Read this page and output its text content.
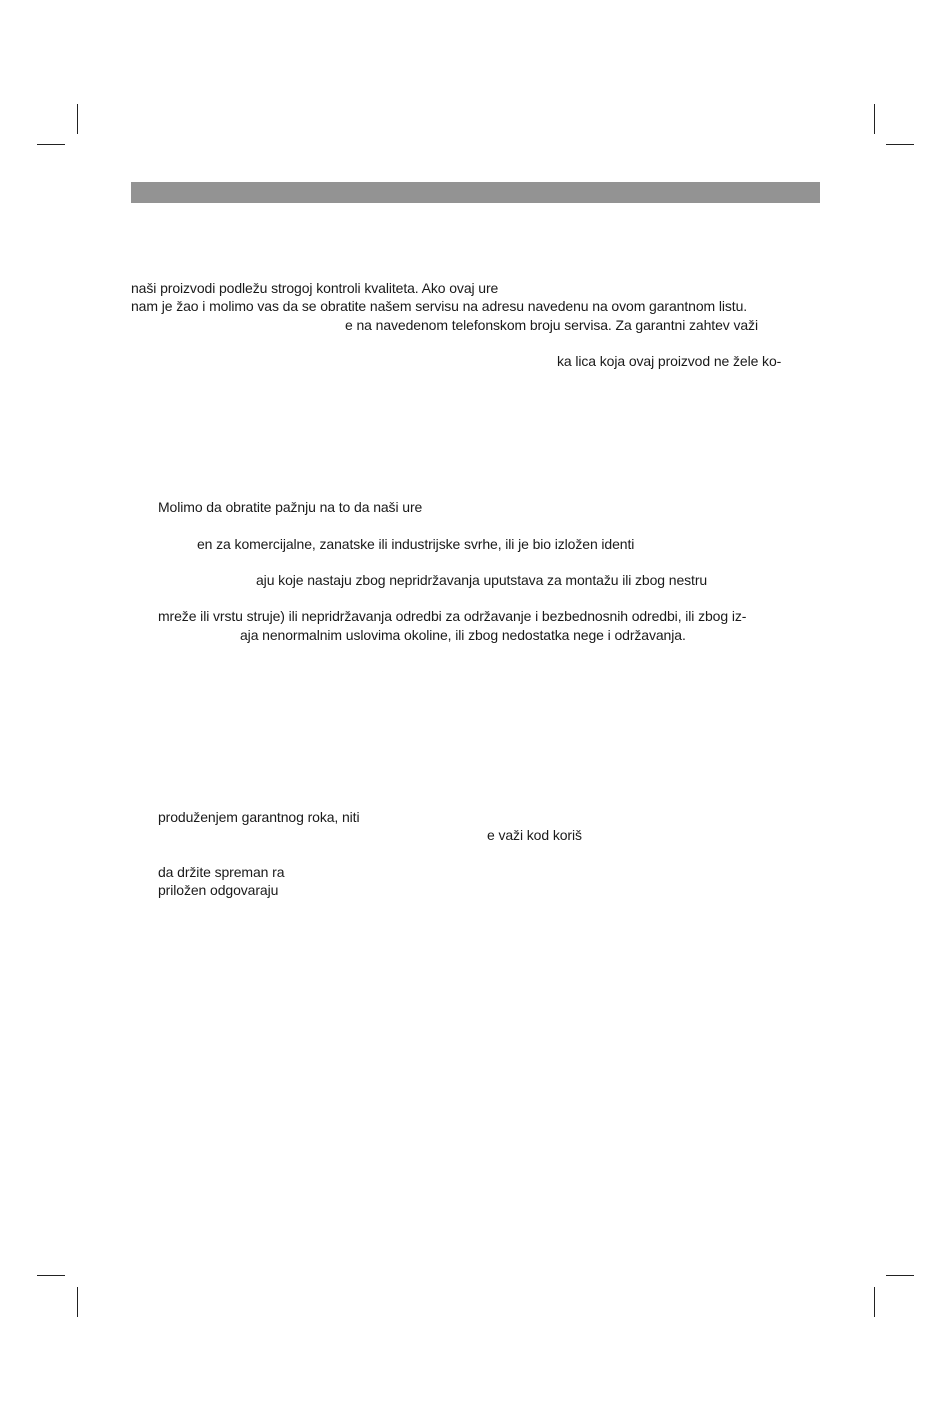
naši proizvodi podležu strogoj kontroli kvaliteta. Ako ovaj ure
nam je žao i molimo vas da se obratite našem servisu na adresu navedenu na ovom garantnom listu.
e na navedenom telefonskom broju servisa. Za garantni zahtev važi
ka lica koja ovaj proizvod ne žele ko-
Molimo da obratite pažnju na to da naši ure
en za komercijalne, zanatske ili industrijske svrhe, ili je bio izložen identi
aju koje nastaju zbog nepridržavanja uputstava za montažu ili zbog nestru
mreže ili vrstu struje) ili nepridržavanja odredbi za održavanje i bezbednosnih odredbi, ili zbog iz-
aja nenormalnim uslovima okoline, ili zbog nedostatka nege i održavanja.
produženjem garantnog roka, niti
e važi kod koriš
da držite spreman ra
priložen odgovaraju
